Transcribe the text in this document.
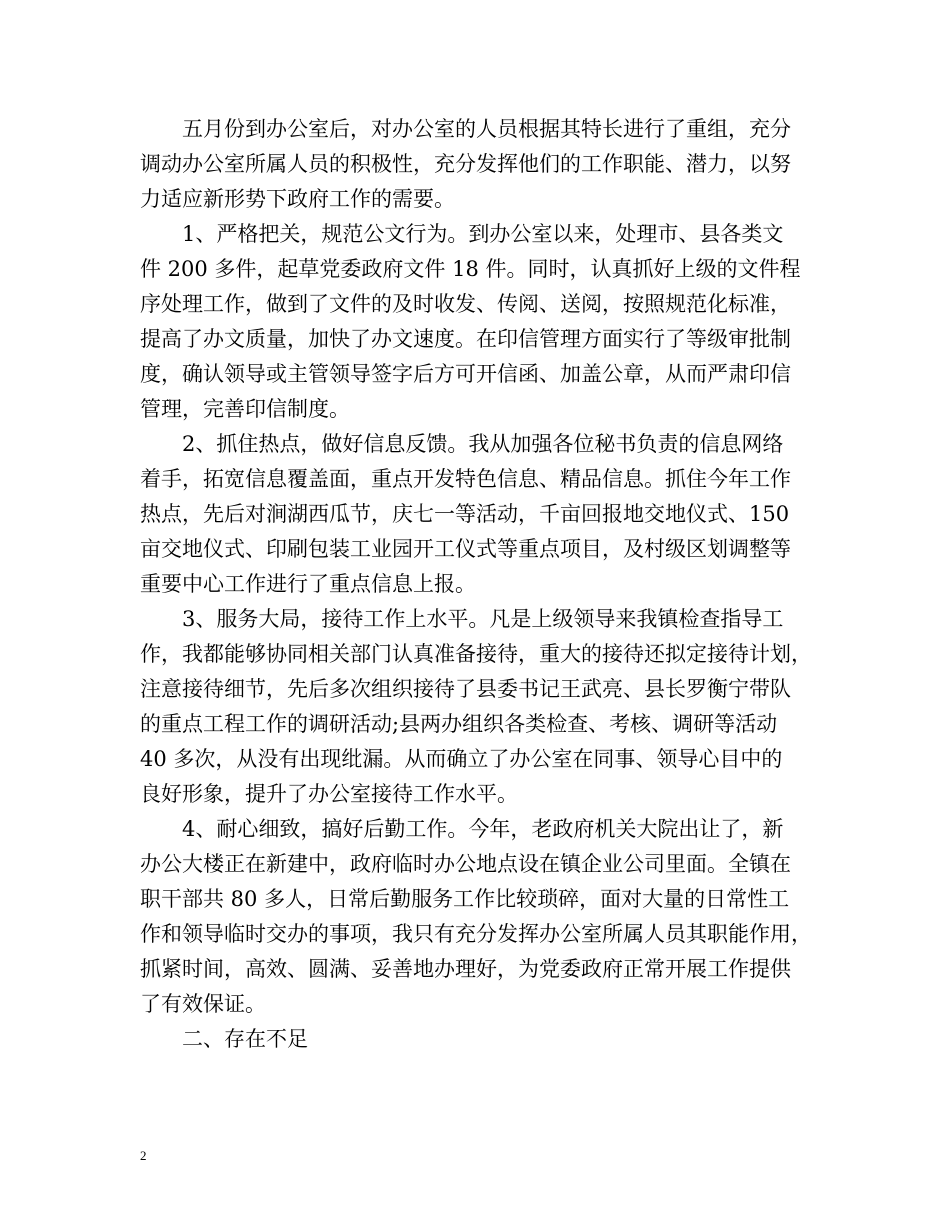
五月份到办公室后，对办公室的人员根据其特长进行了重组，充分
调动办公室所属人员的积极性，充分发挥他们的工作职能、潜力，以努
力适应新形势下政府工作的需要。
1、严格把关，规范公文行为。到办公室以来，处理市、县各类文
件 200 多件，起草党委政府文件 18 件。同时，认真抓好上级的文件程
序处理工作，做到了文件的及时收发、传阅、送阅，按照规范化标准，
提高了办文质量，加快了办文速度。在印信管理方面实行了等级审批制
度，确认领导或主管领导签字后方可开信函、加盖公章，从而严肃印信
管理，完善印信制度。
2、抓住热点，做好信息反馈。我从加强各位秘书负责的信息网络
着手，拓宽信息覆盖面，重点开发特色信息、精品信息。抓住今年工作
热点，先后对涧湖西瓜节，庆七一等活动，千亩回报地交地仪式、150
亩交地仪式、印刷包装工业园开工仪式等重点项目，及村级区划调整等
重要中心工作进行了重点信息上报。
3、服务大局，接待工作上水平。凡是上级领导来我镇检查指导工
作，我都能够协同相关部门认真准备接待，重大的接待还拟定接待计划，
注意接待细节，先后多次组织接待了县委书记王武亮、县长罗衡宁带队
的重点工程工作的调研活动;县两办组织各类检查、考核、调研等活动
40 多次，从没有出现纰漏。从而确立了办公室在同事、领导心目中的
良好形象，提升了办公室接待工作水平。
4、耐心细致，搞好后勤工作。今年，老政府机关大院出让了，新
办公大楼正在新建中，政府临时办公地点设在镇企业公司里面。全镇在
职干部共 80 多人，日常后勤服务工作比较琐碎，面对大量的日常性工
作和领导临时交办的事项，我只有充分发挥办公室所属人员其职能作用，
抓紧时间，高效、圆满、妥善地办理好，为党委政府正常开展工作提供
了有效保证。
二、存在不足
2
